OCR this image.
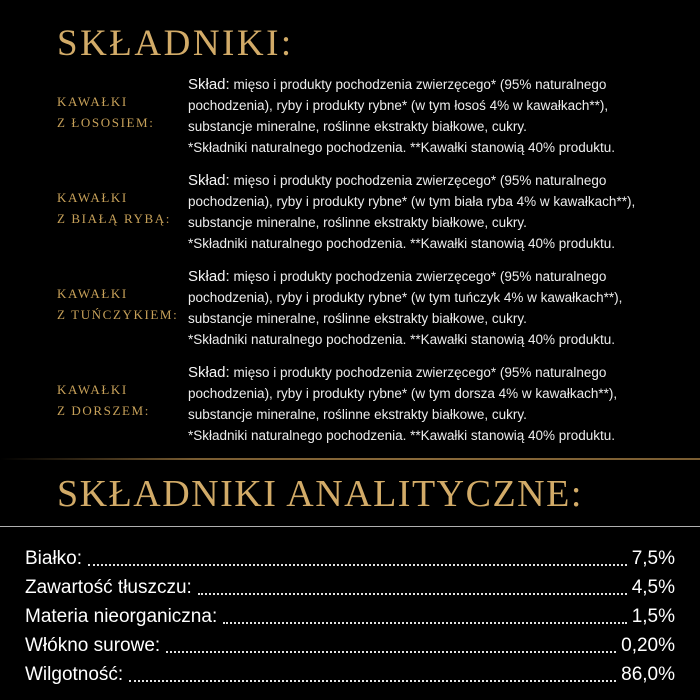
SKŁADNIKI:
KAWAŁKI
Z ŁOSOSIEM:
Skład: mięso i produkty pochodzenia zwierzęcego* (95% naturalnego pochodzenia), ryby i produkty rybne* (w tym łosoś 4% w kawałkach**), substancje mineralne, roślinne ekstrakty białkowe, cukry.
*Składniki naturalnego pochodzenia. **Kawałki stanowią 40% produktu.
KAWAŁKI
Z BIAŁĄ RYBĄ:
Skład: mięso i produkty pochodzenia zwierzęcego* (95% naturalnego pochodzenia), ryby i produkty rybne* (w tym biała ryba 4% w kawałkach**), substancje mineralne, roślinne ekstrakty białkowe, cukry.
*Składniki naturalnego pochodzenia. **Kawałki stanowią 40% produktu.
KAWAŁKI
Z TUŃCZYKIEM:
Skład: mięso i produkty pochodzenia zwierzęcego* (95% naturalnego pochodzenia), ryby i produkty rybne* (w tym tuńczyk 4% w kawałkach**), substancje mineralne, roślinne ekstrakty białkowe, cukry.
*Składniki naturalnego pochodzenia. **Kawałki stanowią 40% produktu.
KAWAŁKI
Z DORSZEM:
Skład: mięso i produkty pochodzenia zwierzęcego* (95% naturalnego pochodzenia), ryby i produkty rybne* (w tym dorsza 4% w kawałkach**), substancje mineralne, roślinne ekstrakty białkowe, cukry.
*Składniki naturalnego pochodzenia. **Kawałki stanowią 40% produktu.
SKŁADNIKI ANALITYCZNE:
Białko:	7,5%
Zawartość tłuszczu:	4,5%
Materia nieorganiczna:	1,5%
Włókno surowe:	0,20%
Wilgotność:	86,0%
